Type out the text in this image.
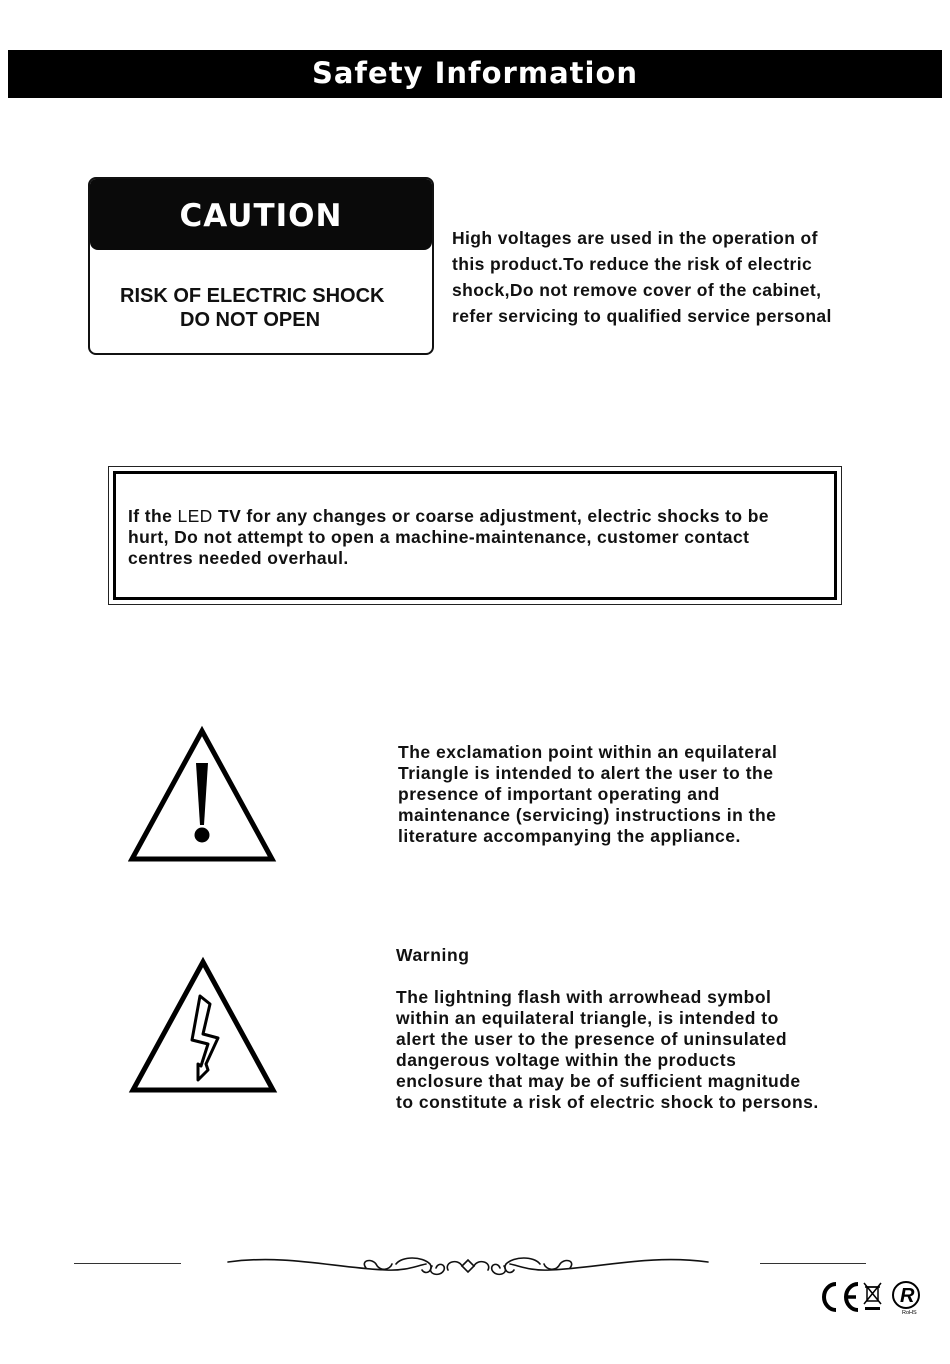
Safety Information
CAUTION
RISK OF ELECTRIC SHOCK
DO NOT OPEN
High voltages are used in the operation of
this product.To reduce the risk of electric
shock,Do not remove cover of the cabinet,
refer servicing to qualified service personal
If the LED TV for any changes or coarse adjustment, electric shocks to be
hurt, Do not attempt to open a machine-maintenance, customer contact
centres needed overhaul.
The exclamation point within an equilateral
Triangle is intended to alert the user to the
presence of important operating and
maintenance (servicing) instructions in the
literature accompanying the appliance.
Warning
The lightning flash with arrowhead symbol
within an equilateral triangle, is intended to
alert the user to the presence of uninsulated
dangerous voltage within the products
enclosure that may be of sufficient magnitude
to constitute a risk of electric shock to persons.
R
RoHS
